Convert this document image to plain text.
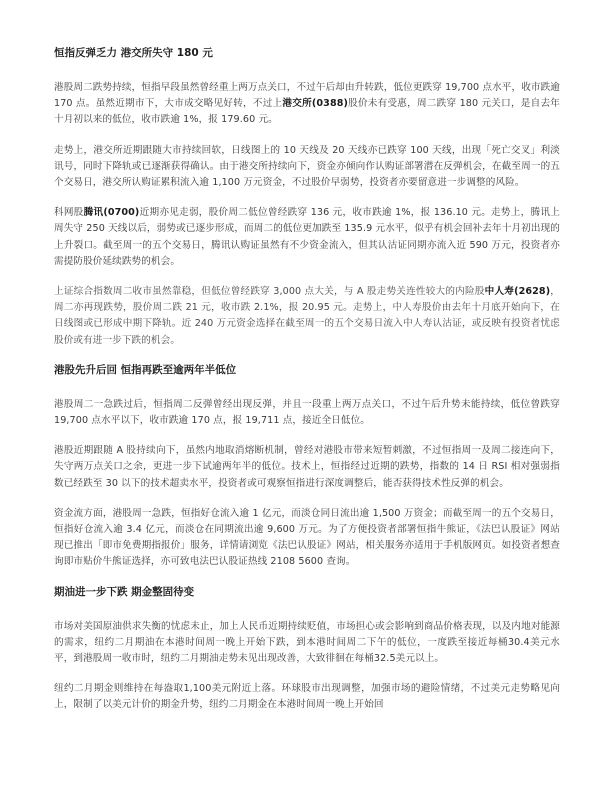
恒指反弹乏力 港交所失守 180 元

港股周二跌势持续，恒指早段虽然曾经重上两万点关口，不过午后却由升转跌，低位更跌穿 19,700 点水平，收市跌逾 170 点。虽然近期市下，大市成交略见好转，不过上港交所(0388)股价未有受惠，周二跌穿 180 元关口，是自去年十月初以来的低位，收市跌逾 1%，报 179.60 元。

走势上，港交所近期跟随大市持续回软，日线图上的 10 天线及 20 天线亦已跌穿 100 天线，出现「死亡交叉」利淡讯号，同时下降轨或已逐渐获得确认。由于港交所持续向下，资金亦倾向作认购证部署潜在反弹机会，在截至周一的五个交易日，港交所认购证累积流入逾 1,100 万元资金，不过股价早弱势，投资者亦要留意进一步调整的风险。

科网股腾讯(0700)近期亦见走弱，股价周二低位曾经跌穿 136 元，收市跌逾 1%，报 136.10 元。走势上，腾讯上周失守 250 天线以后，弱势或已逐步形成，而周二的低位更加跌至 135.9 元水平，似乎有机会回补去年十月初出现的上升裂口。截至周一的五个交易日，腾讯认购证虽然有不少资金流入，但其认沽证同期亦流入近 590 万元，投资者亦需提防股价延续跌势的机会。

上证综合指数周二收市虽然靠稳，但低位曾经跌穿 3,000 点大关，与 A 股走势关连性较大的内险股中人寿(2628)，周二亦再现跌势，股价周二跌 21 元，收市跌 2.1%，报 20.95 元。走势上，中人寿股价由去年十月底开始向下，在日线图或已形成中期下降轨。近 240 万元资金选择在截至周一的五个交易日流入中人寿认沽证，或反映有投资者忧虑股价或有进一步下跌的机会。

港股先升后回 恒指再跌至逾两年半低位

港股周二一急跌过后，恒指周二反弹曾经出现反弹，并且一段重上两万点关口，不过午后升势未能持续，低位曾跌穿 19,700 点水平以下，收市跌逾 170 点，报 19,711 点，接近全日低位。

港股近期跟随 A 股持续向下，虽然内地取消熔断机制，曾经对港股市带来短暂刺激，不过恒指周一及周二接连向下，失守两万点关口之余，更进一步下试逾两年半的低位。技术上，恒指经过近期的跌势，指数的 14 日 RSI 相对强弱指数已经跌至 30 以下的技术超卖水平，投资者或可观察恒指进行深度调整后，能否获得技术性反弹的机会。

资金流方面，港股周一急跌，恒指好仓流入逾 1 亿元，而淡仓同日流出逾 1,500 万资金；而截至周一的五个交易日，恒指好仓流入逾 3.4 亿元，而淡仓在同期流出逾 9,600 万元。为了方便投资者部署恒指牛熊证，《法巴认股证》网站现已推出「即市免费期指报价」服务，详情请浏览《法巴认股证》网站，相关服务亦适用于手机版网页。如投资者想查询即市贴价牛熊证选择，亦可致电法巴认股证热线 2108 5600 查询。

期油进一步下跌 期金整固待变

市场对美国原油供求失衡的忧虑未止，加上人民币近期持续贬值，市场担心或会影响到商品价格表现，以及内地对能源的需求，纽约二月期油在本港时间周一晚上开始下跌，到本港时间周二下午的低位，一度跌至接近每桶30.4美元水平，到港股周一收市时，纽约二月期油走势未见出现改善，大致徘徊在每桶32.5美元以上。

纽约二月期金则维持在每盎取1,100美元附近上落。环球股市出现调整，加强市场的避险情绪，不过美元走势略见向上，限制了以美元计价的期金升势，纽约二月期金在本港时间周一晚上开始回
